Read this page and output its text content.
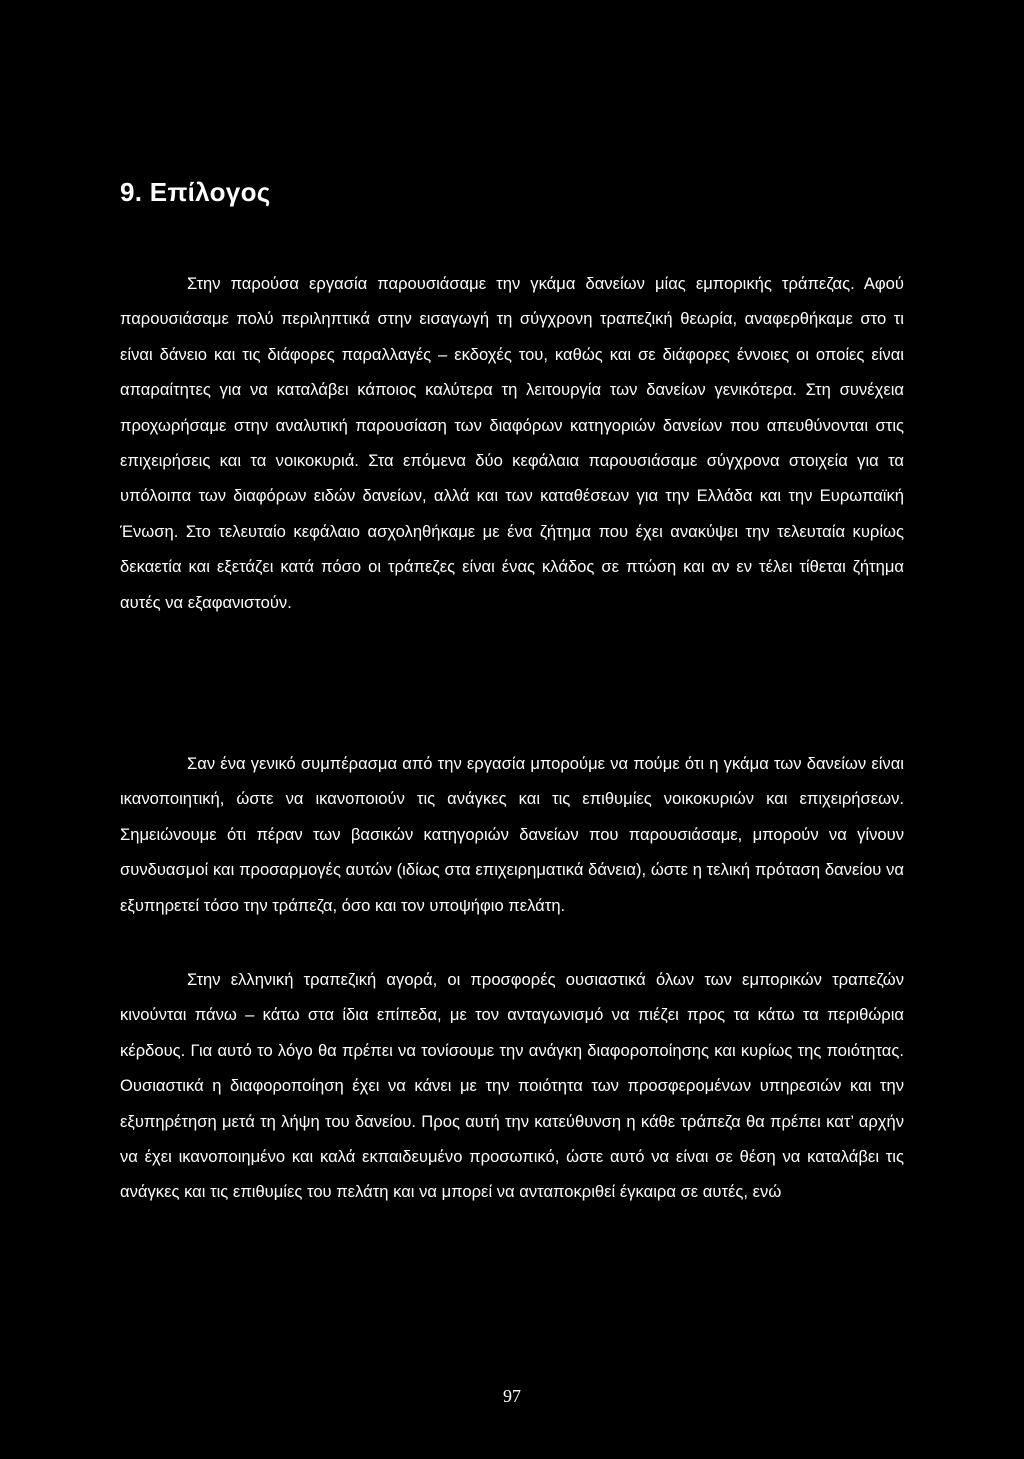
9. Επίλογος

Στην παρούσα εργασία παρουσιάσαμε την γκάμα δανείων μίας εμπορικής τράπεζας. Αφού παρουσιάσαμε πολύ περιληπτικά στην εισαγωγή τη σύγχρονη τραπεζική θεωρία, αναφερθήκαμε στο τι είναι δάνειο και τις διάφορες παραλλαγές – εκδοχές του, καθώς και σε διάφορες έννοιες οι οποίες είναι απαραίτητες για να καταλάβει κάποιος καλύτερα τη λειτουργία των δανείων γενικότερα. Στη συνέχεια προχωρήσαμε στην αναλυτική παρουσίαση των διαφόρων κατηγοριών δανείων που απευθύνονται στις επιχειρήσεις και τα νοικοκυριά. Στα επόμενα δύο κεφάλαια παρουσιάσαμε σύγχρονα στοιχεία για τα υπόλοιπα των διαφόρων ειδών δανείων, αλλά και των καταθέσεων για την Ελλάδα και την Ευρωπαϊκή Ένωση. Στο τελευταίο κεφάλαιο ασχοληθήκαμε με ένα ζήτημα που έχει ανακύψει την τελευταία κυρίως δεκαετία και εξετάζει κατά πόσο οι τράπεζες είναι ένας κλάδος σε πτώση και αν εν τέλει τίθεται ζήτημα αυτές να εξαφανιστούν.

Σαν ένα γενικό συμπέρασμα από την εργασία μπορούμε να πούμε ότι η γκάμα των δανείων είναι ικανοποιητική, ώστε να ικανοποιούν τις ανάγκες και τις επιθυμίες νοικοκυριών και επιχειρήσεων. Σημειώνουμε ότι πέραν των βασικών κατηγοριών δανείων που παρουσιάσαμε, μπορούν να γίνουν συνδυασμοί και προσαρμογές αυτών (ιδίως στα επιχειρηματικά δάνεια), ώστε η τελική πρόταση δανείου να εξυπηρετεί τόσο την τράπεζα, όσο και τον υποψήφιο πελάτη.

Στην ελληνική τραπεζική αγορά, οι προσφορές ουσιαστικά όλων των εμπορικών τραπεζών κινούνται πάνω – κάτω στα ίδια επίπεδα, με τον ανταγωνισμό να πιέζει προς τα κάτω τα περιθώρια κέρδους. Για αυτό το λόγο θα πρέπει να τονίσουμε την ανάγκη διαφοροποίησης και κυρίως της ποιότητας. Ουσιαστικά η διαφοροποίηση έχει να κάνει με την ποιότητα των προσφερομένων υπηρεσιών και την εξυπηρέτηση μετά τη λήψη του δανείου. Προς αυτή την κατεύθυνση η κάθε τράπεζα θα πρέπει κατ’ αρχήν να έχει ικανοποιημένο και καλά εκπαιδευμένο προσωπικό, ώστε αυτό να είναι σε θέση να καταλάβει τις ανάγκες και τις επιθυμίες του πελάτη και να μπορεί να ανταποκριθεί έγκαιρα σε αυτές, ενώ

97
